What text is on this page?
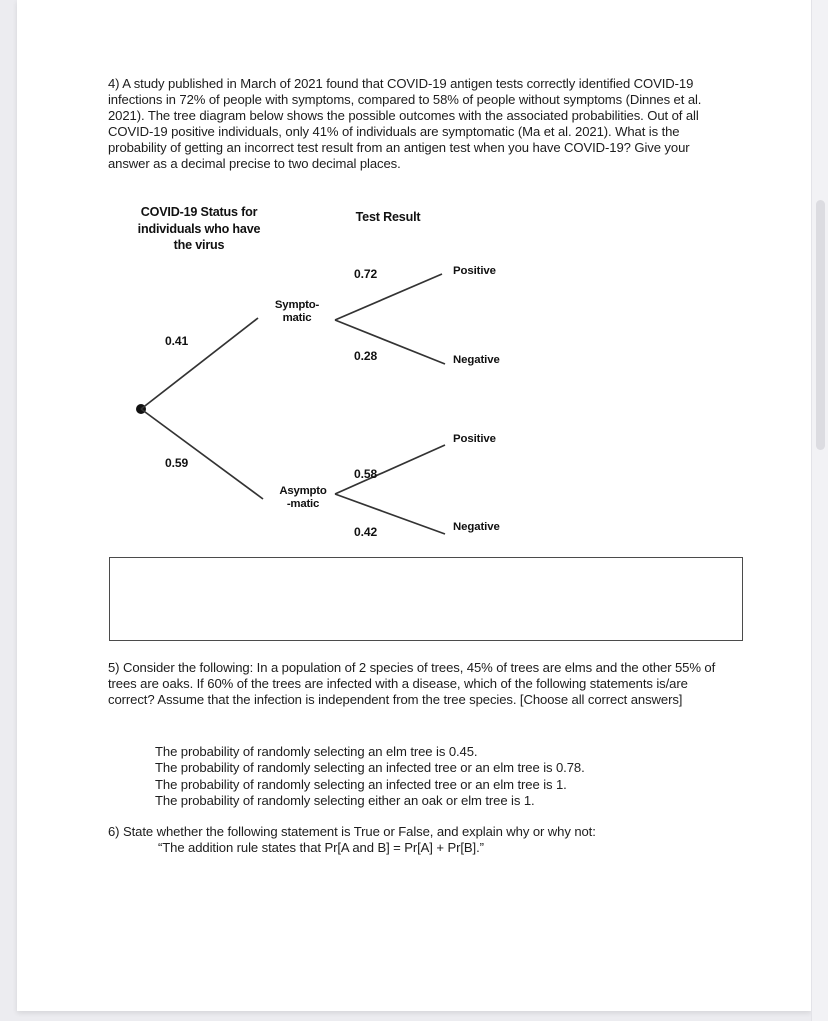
4) A study published in March of 2021 found that COVID-19 antigen tests correctly identified COVID-19 infections in 72% of people with symptoms, compared to 58% of people without symptoms (Dinnes et al. 2021). The tree diagram below shows the possible outcomes with the associated probabilities. Out of all COVID-19 positive individuals, only 41% of individuals are symptomatic (Ma et al. 2021). What is the probability of getting an incorrect test result from an antigen test when you have COVID-19? Give your answer as a decimal precise to two decimal places.
COVID-19 Status for individuals who have the virus
Test Result
Sympto-
matic
Asympto
-matic
0.41
0.59
0.72
0.28
0.58
0.42
Positive
Negative
Positive
Negative
5) Consider the following: In a population of 2 species of trees, 45% of trees are elms and the other 55% of trees are oaks. If 60% of the trees are infected with a disease, which of the following statements is/are correct? Assume that the infection is independent from the tree species. [Choose all correct answers]
The probability of randomly selecting an elm tree is 0.45.
The probability of randomly selecting an infected tree or an elm tree is 0.78.
The probability of randomly selecting an infected tree or an elm tree is 1.
The probability of randomly selecting either an oak or elm tree is 1.
6) State whether the following statement is True or False, and explain why or why not:
“The addition rule states that Pr[A and B] = Pr[A] + Pr[B].”
